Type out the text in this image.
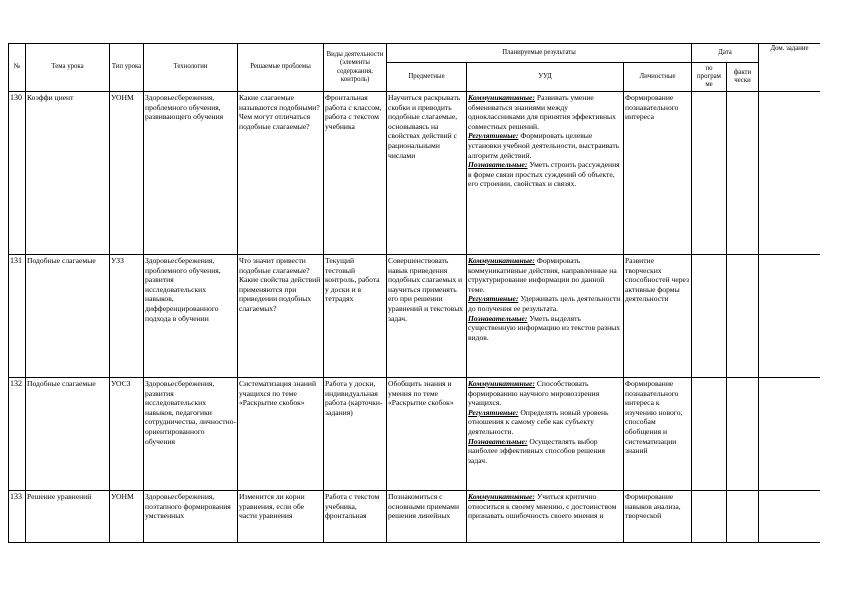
№	Тема урока	Тип урока	Технологии	Решаемые проблемы	Виды деятельности (элементы содержания, контроль)	Планируемые результаты			Дата		Дом. задание
						Предметные	УУД	Личностные	по програм ме	факти чески	
130	Коэффи циент	УОНМ	Здоровьесбережения, проблемного обучения, развивающего обучения	Какие слагаемые называются подобными? Чем могут отличаться подобные слагаемые?	Фронтальная работа с классом, работа с текстом учебника	Научиться раскрывать скобки и приводить подобные слагаемые, основываясь на свойствах действий с рациональными числами	Коммуникативные: Развивать умение обмениваться знаниями между одноклассниками для принятия эффективных совместных решений.
Регулятивные: Формировать целевые установки учебной деятельности, выстраивать алгоритм действий.
Познавательные: Уметь строить рассуждения в форме связи простых суждений об объекте, его строении, свойствах и связях.	Формирование познавательного интереса			
131	Подобные слагаемые	УЗЗ	Здоровьесбережения, проблемного обучения, развития исследовательских навыков, дифференцированного подхода в обучении	Что значит привести подобные слагаемые? Какие свойства действий применяются при приведении подобных слагаемых?	Текущий тестовый контроль, работа у доски и в тетрадях	Совершенствовать навык приведения подобных слагаемых и научиться применять его при решении уравнений и текстовых задач.	Коммуникативные: Формировать коммуникативные действия, направленные на структурирование информации по данной теме.
Регулятивные: Удерживать цель деятельности до получения ее результата.
Познавательные: Уметь выделять существенную информацию из текстов разных видов.	Развитие творческих способностей через активные формы деятельности			
132	Подобные слагаемые	УОСЗ	Здоровьесбережения, развития исследовательских навыков, педагогики сотрудничества, личностно-ориентированного обучения	Систематизация знаний учащихся по теме «Раскрытие скобок»	Работа у доски, индивидуальная работа (карточки-задания)	Обобщить знания и умения по теме «Раскрытие скобок»	Коммуникативные: Способствовать формированию научного мировоззрения учащихся.
Регулятивные: Определять новый уровень отношения к самому себе как субъекту деятельности.
Познавательные: Осуществлять выбор наиболее эффективных способов решения задач.	Формирование познавательного интереса к изучению нового, способам обобщения и систематизации знаний			
133	Решение уравнений	УОНМ	Здоровьесбережения, поэтапного формирования умственных	Изменится ли корни уравнения, если обе части уравнения	Работа с текстом учебника, фронтальная	Познакомиться с основными приемами решения линейных	Коммуникативные: Учиться критично относиться к своему мнению, с достоинством признавать ошибочность своего мнения и	Формирование навыков анализа, творческой			
